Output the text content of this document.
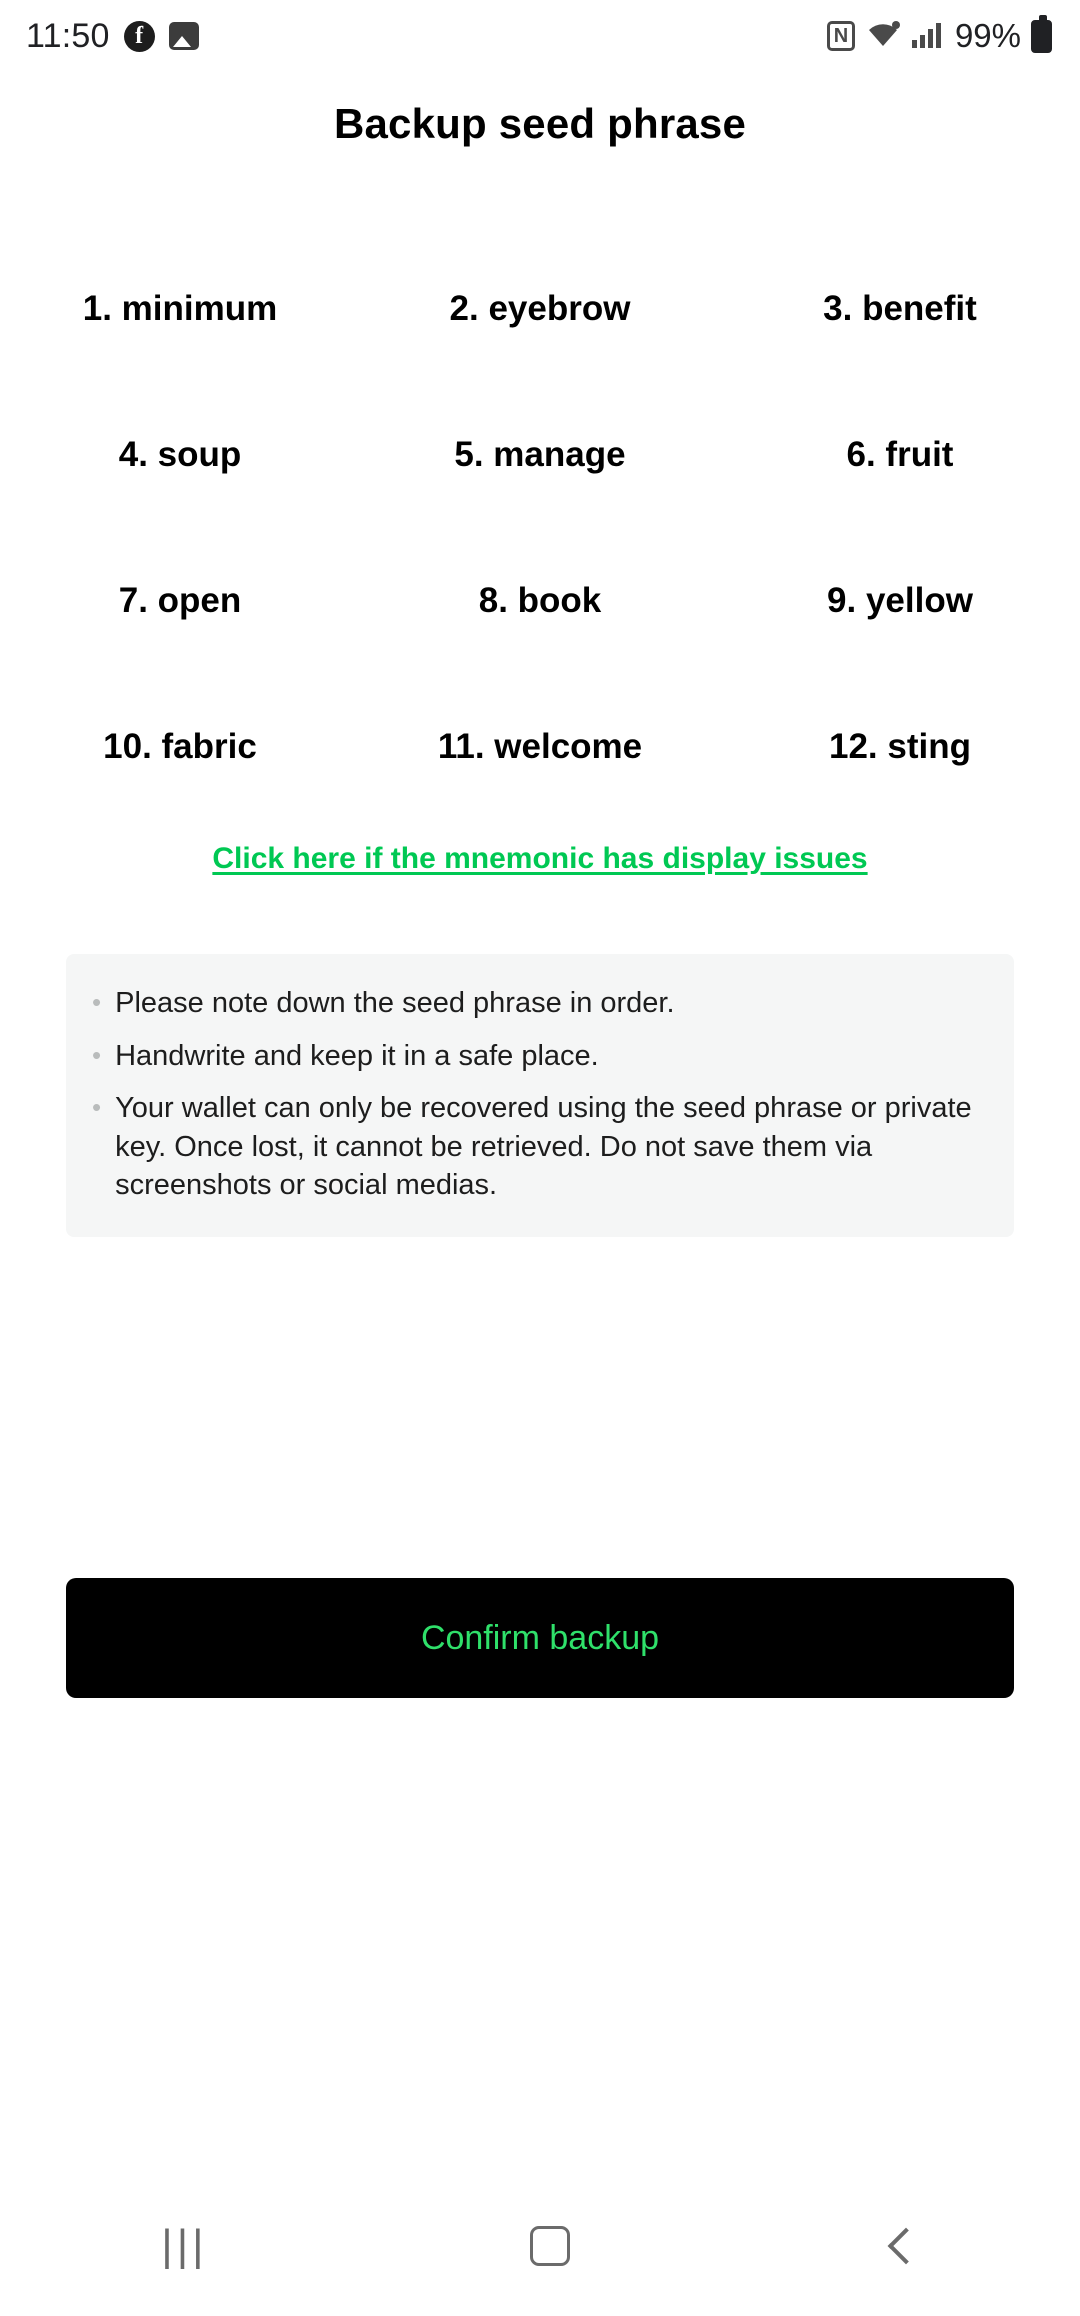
11:50	f	N	99%
Backup seed phrase
1. minimum	2. eyebrow	3. benefit
4. soup	5. manage	6. fruit
7. open	8. book	9. yellow
10. fabric	11. welcome	12. sting
Click here if the mnemonic has display issues
• Please note down the seed phrase in order.
• Handwrite and keep it in a safe place.
• Your wallet can only be recovered using the seed phrase or private key. Once lost, it cannot be retrieved. Do not save them via screenshots or social medias.
Confirm backup
|||
